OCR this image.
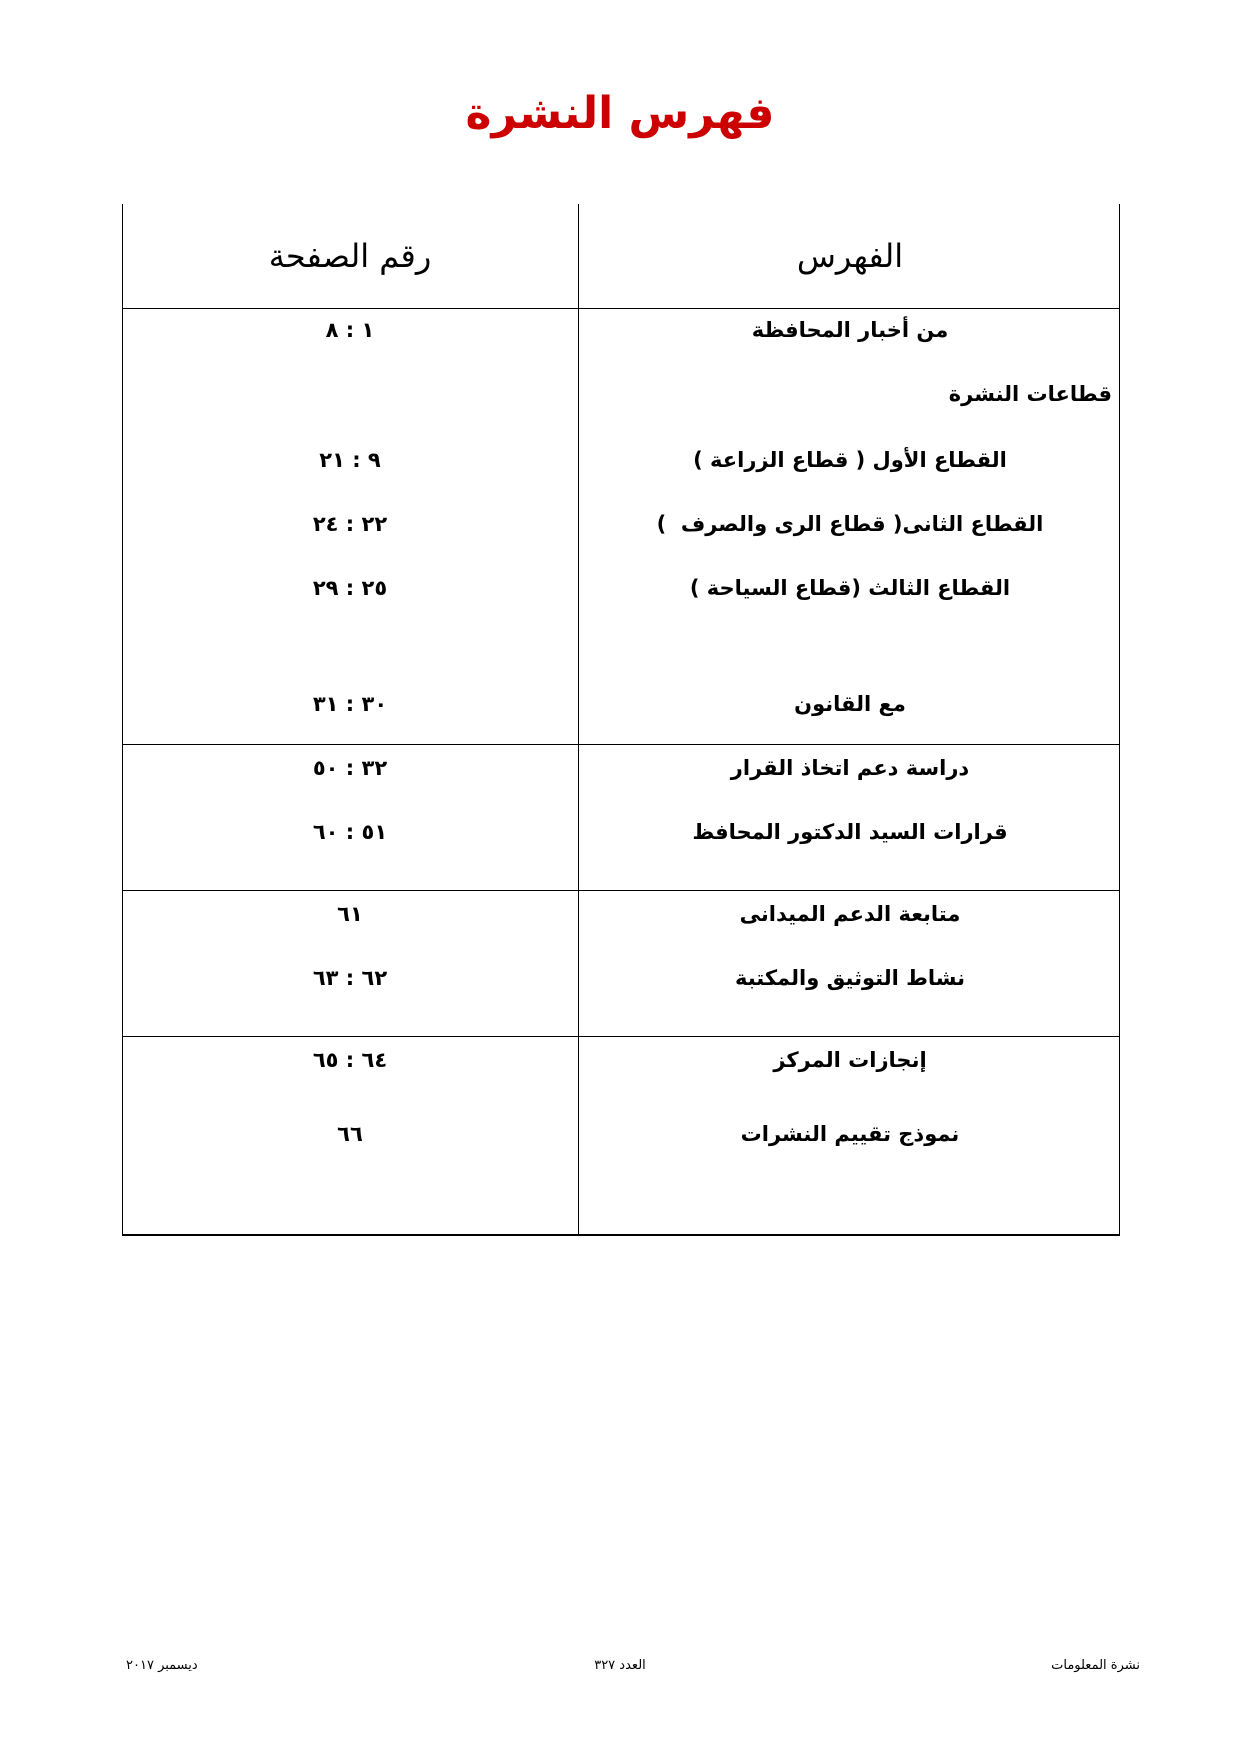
فهرس النشرة
الفهرس
رقم الصفحة
من أخبار المحافظة
١ : ٨
قطاعات النشرة
القطاع الأول ( قطاع الزراعة )
٩ : ٢١
القطاع الثانى( قطاع الرى والصرف  )
٢٢ : ٢٤
القطاع الثالث (قطاع السياحة )
٢٥ : ٢٩
مع القانون
٣٠ : ٣١
دراسة دعم اتخاذ القرار
٣٢ : ٥٠
قرارات السيد الدكتور المحافظ
٥١ : ٦٠
متابعة الدعم الميدانى
٦١
نشاط التوثيق والمكتبة
٦٢ : ٦٣
إنجازات المركز
٦٤ : ٦٥
نموذج تقييم النشرات
٦٦
نشرة المعلومات
العدد ٣٢٧
ديسمبر ٢٠١٧
